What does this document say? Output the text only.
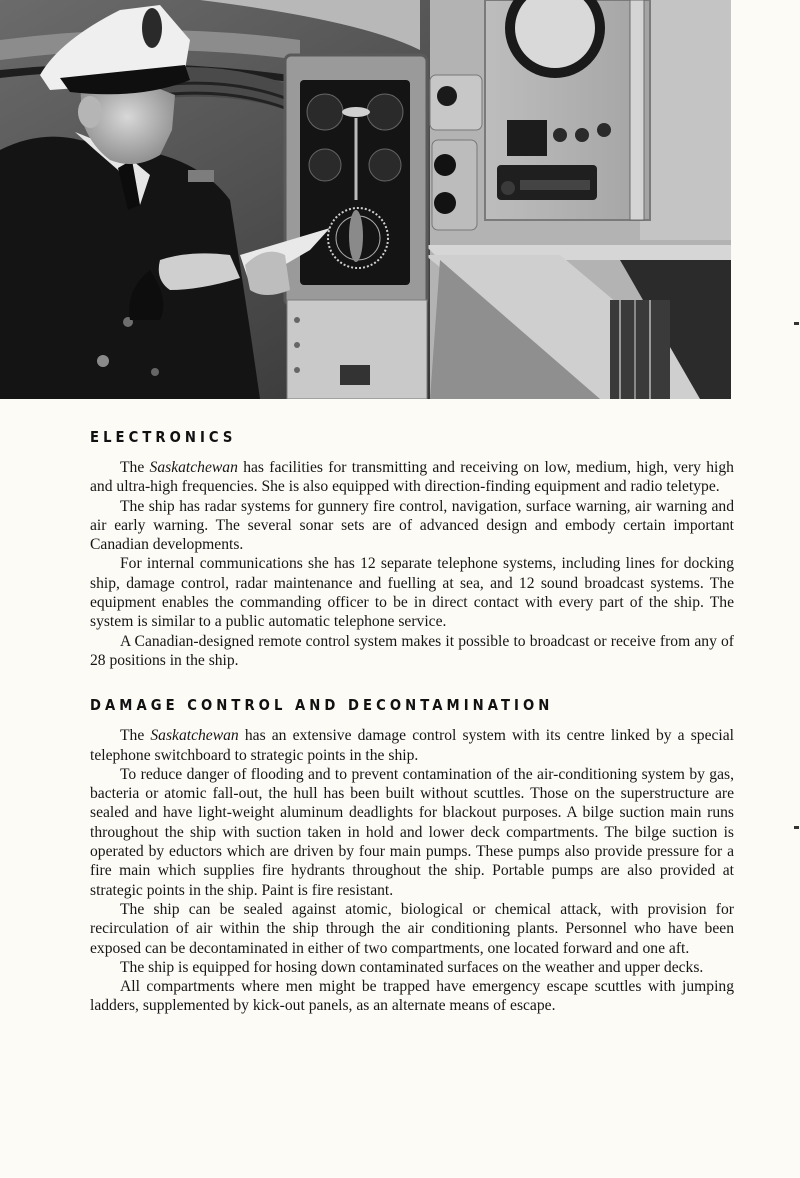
ELECTRONICS

The Saskatchewan has facilities for transmitting and receiving on low, medium, high, very high and ultra-high frequencies. She is also equipped with direction-finding equipment and radio teletype.

The ship has radar systems for gunnery fire control, navigation, surface warning, air warning and air early warning. The several sonar sets are of advanced design and embody certain important Canadian developments.

For internal communications she has 12 separate telephone systems, including lines for docking ship, damage control, radar maintenance and fuelling at sea, and 12 sound broadcast systems. The equipment enables the commanding officer to be in direct contact with every part of the ship. The system is similar to a public automatic telephone service.

A Canadian-designed remote control system makes it possible to broadcast or receive from any of 28 positions in the ship.

DAMAGE CONTROL AND DECONTAMINATION

The Saskatchewan has an extensive damage control system with its centre linked by a special telephone switchboard to strategic points in the ship.

To reduce danger of flooding and to prevent contamination of the air-conditioning system by gas, bacteria or atomic fall-out, the hull has been built without scuttles. Those on the superstructure are sealed and have light-weight aluminum deadlights for blackout purposes. A bilge suction main runs throughout the ship with suction taken in hold and lower deck compartments. The bilge suction is operated by eductors which are driven by four main pumps. These pumps also provide pressure for a fire main which supplies fire hydrants throughout the ship. Portable pumps are also provided at strategic points in the ship. Paint is fire resistant.

The ship can be sealed against atomic, biological or chemical attack, with provision for recirculation of air within the ship through the air conditioning plants. Personnel who have been exposed can be decontaminated in either of two compartments, one located forward and one aft.

The ship is equipped for hosing down contaminated surfaces on the weather and upper decks.

All compartments where men might be trapped have emergency escape scuttles with jumping ladders, supplemented by kick-out panels, as an alternate means of escape.
